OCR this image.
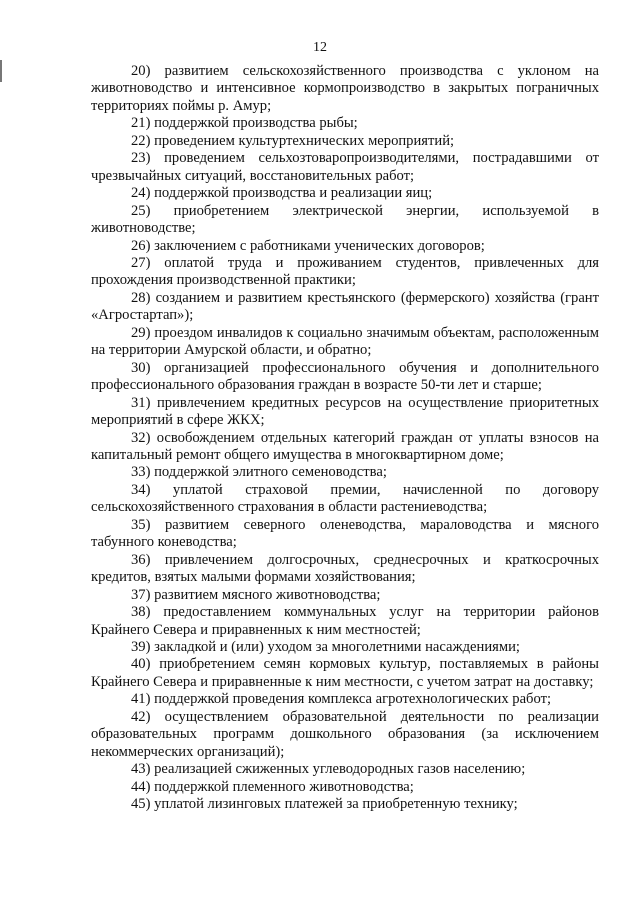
12

20) развитием сельскохозяйственного производства с уклоном на животноводство и интенсивное кормопроизводство в закрытых пограничных территориях поймы р. Амур;

21) поддержкой производства рыбы;

22) проведением культуртехнических мероприятий;

23) проведением сельхозтоваропроизводителями, пострадавшими от чрезвычайных ситуаций, восстановительных работ;

24) поддержкой производства и реализации яиц;

25) приобретением электрической энергии, используемой в животноводстве;

26) заключением с работниками ученических договоров;

27) оплатой труда и проживанием студентов, привлеченных для прохождения производственной практики;

28) созданием и развитием крестьянского (фермерского) хозяйства (грант «Агростартап»);

29) проездом инвалидов к социально значимым объектам, расположенным на территории Амурской области, и обратно;

30) организацией профессионального обучения и дополнительного профессионального образования граждан в возрасте 50-ти лет и старше;

31) привлечением кредитных ресурсов на осуществление приоритетных мероприятий в сфере ЖКХ;

32) освобождением отдельных категорий граждан от уплаты взносов на капитальный ремонт общего имущества в многоквартирном доме;

33) поддержкой элитного семеноводства;

34) уплатой страховой премии, начисленной по договору сельскохозяйственного страхования в области растениеводства;

35) развитием северного оленеводства, мараловодства и мясного табунного коневодства;

36) привлечением долгосрочных, среднесрочных и краткосрочных кредитов, взятых малыми формами хозяйствования;

37) развитием мясного животноводства;

38) предоставлением коммунальных услуг на территории районов Крайнего Севера и приравненных к ним местностей;

39) закладкой и (или) уходом за многолетними насаждениями;

40) приобретением семян кормовых культур, поставляемых в районы Крайнего Севера и приравненные к ним местности, с учетом затрат на доставку;

41) поддержкой проведения комплекса агротехнологических работ;

42) осуществлением образовательной деятельности по реализации образовательных программ дошкольного образования (за исключением некоммерческих организаций);

43) реализацией сжиженных углеводородных газов населению;

44) поддержкой племенного животноводства;

45) уплатой лизинговых платежей за приобретенную технику;
